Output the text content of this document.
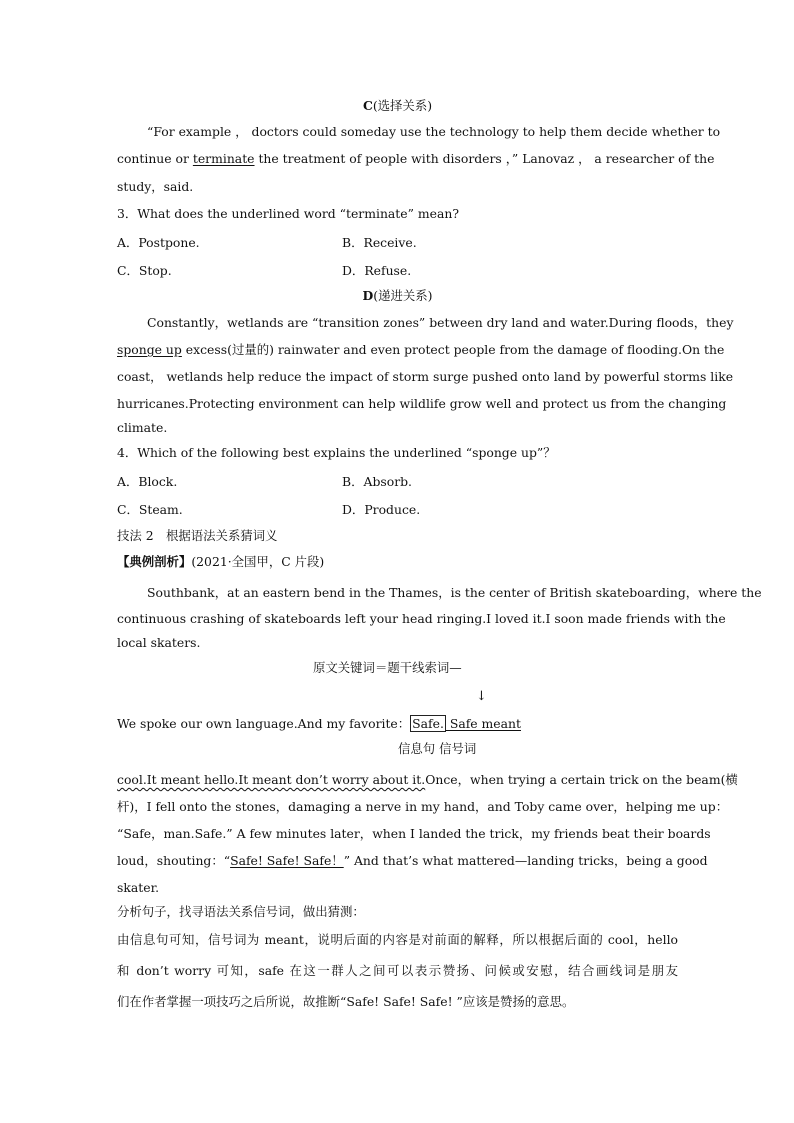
C(选择关系)
“For example ， doctors could someday use the technology to help them decide whether to
continue or terminate the treatment of people with disorders ，” Lanovaz ， a researcher of the
study，said.
3．What does the underlined word “terminate” mean?
A．Postpone.	B．Receive.
C．Stop.	D．Refuse.
D(递进关系)
Constantly，wetlands are “transition zones” between dry land and water.During floods，they
sponge up excess(过量的) rainwater and even protect people from the damage of flooding.On the
coast， wetlands help reduce the impact of storm surge pushed onto land by powerful storms like
hurricanes.Protecting environment can help wildlife grow well and protect us from the changing
climate.
4．Which of the following best explains the underlined “sponge up”？
A．Block.	B．Absorb.
C．Steam.	D．Produce.
技法 2　根据语法关系猜词义
【典例剖析】(2021·全国甲，C 片段)
Southbank，at an eastern bend in the Thames，is the center of British skateboarding，where the
continuous crashing of skateboards left your head ringing.I loved it.I soon made friends with the
local skaters.
原文关键词＝题干线索词—
↓
We spoke our own language.And my favorite： Safe. Safe meant
信息句 信号词
cool.It meant hello.It meant don’t worry about it.Once，when trying a certain trick on the beam(横
杆)，I fell onto the stones，damaging a nerve in my hand，and Toby came over，helping me up：
“Safe，man.Safe.” A few minutes later，when I landed the trick，my friends beat their boards
loud，shouting：“Safe! Safe! Safe！” And that’s what mattered—landing tricks，being a good
skater.
分析句子，找寻语法关系信号词，做出猜测：
由信息句可知，信号词为 meant，说明后面的内容是对前面的解释，所以根据后面的 cool，hello
和 don’t worry 可知，safe 在这一群人之间可以表示赞扬、问候或安慰，结合画线词是朋友
们在作者掌握一项技巧之后所说，故推断“Safe! Safe! Safe! ”应该是赞扬的意思。
